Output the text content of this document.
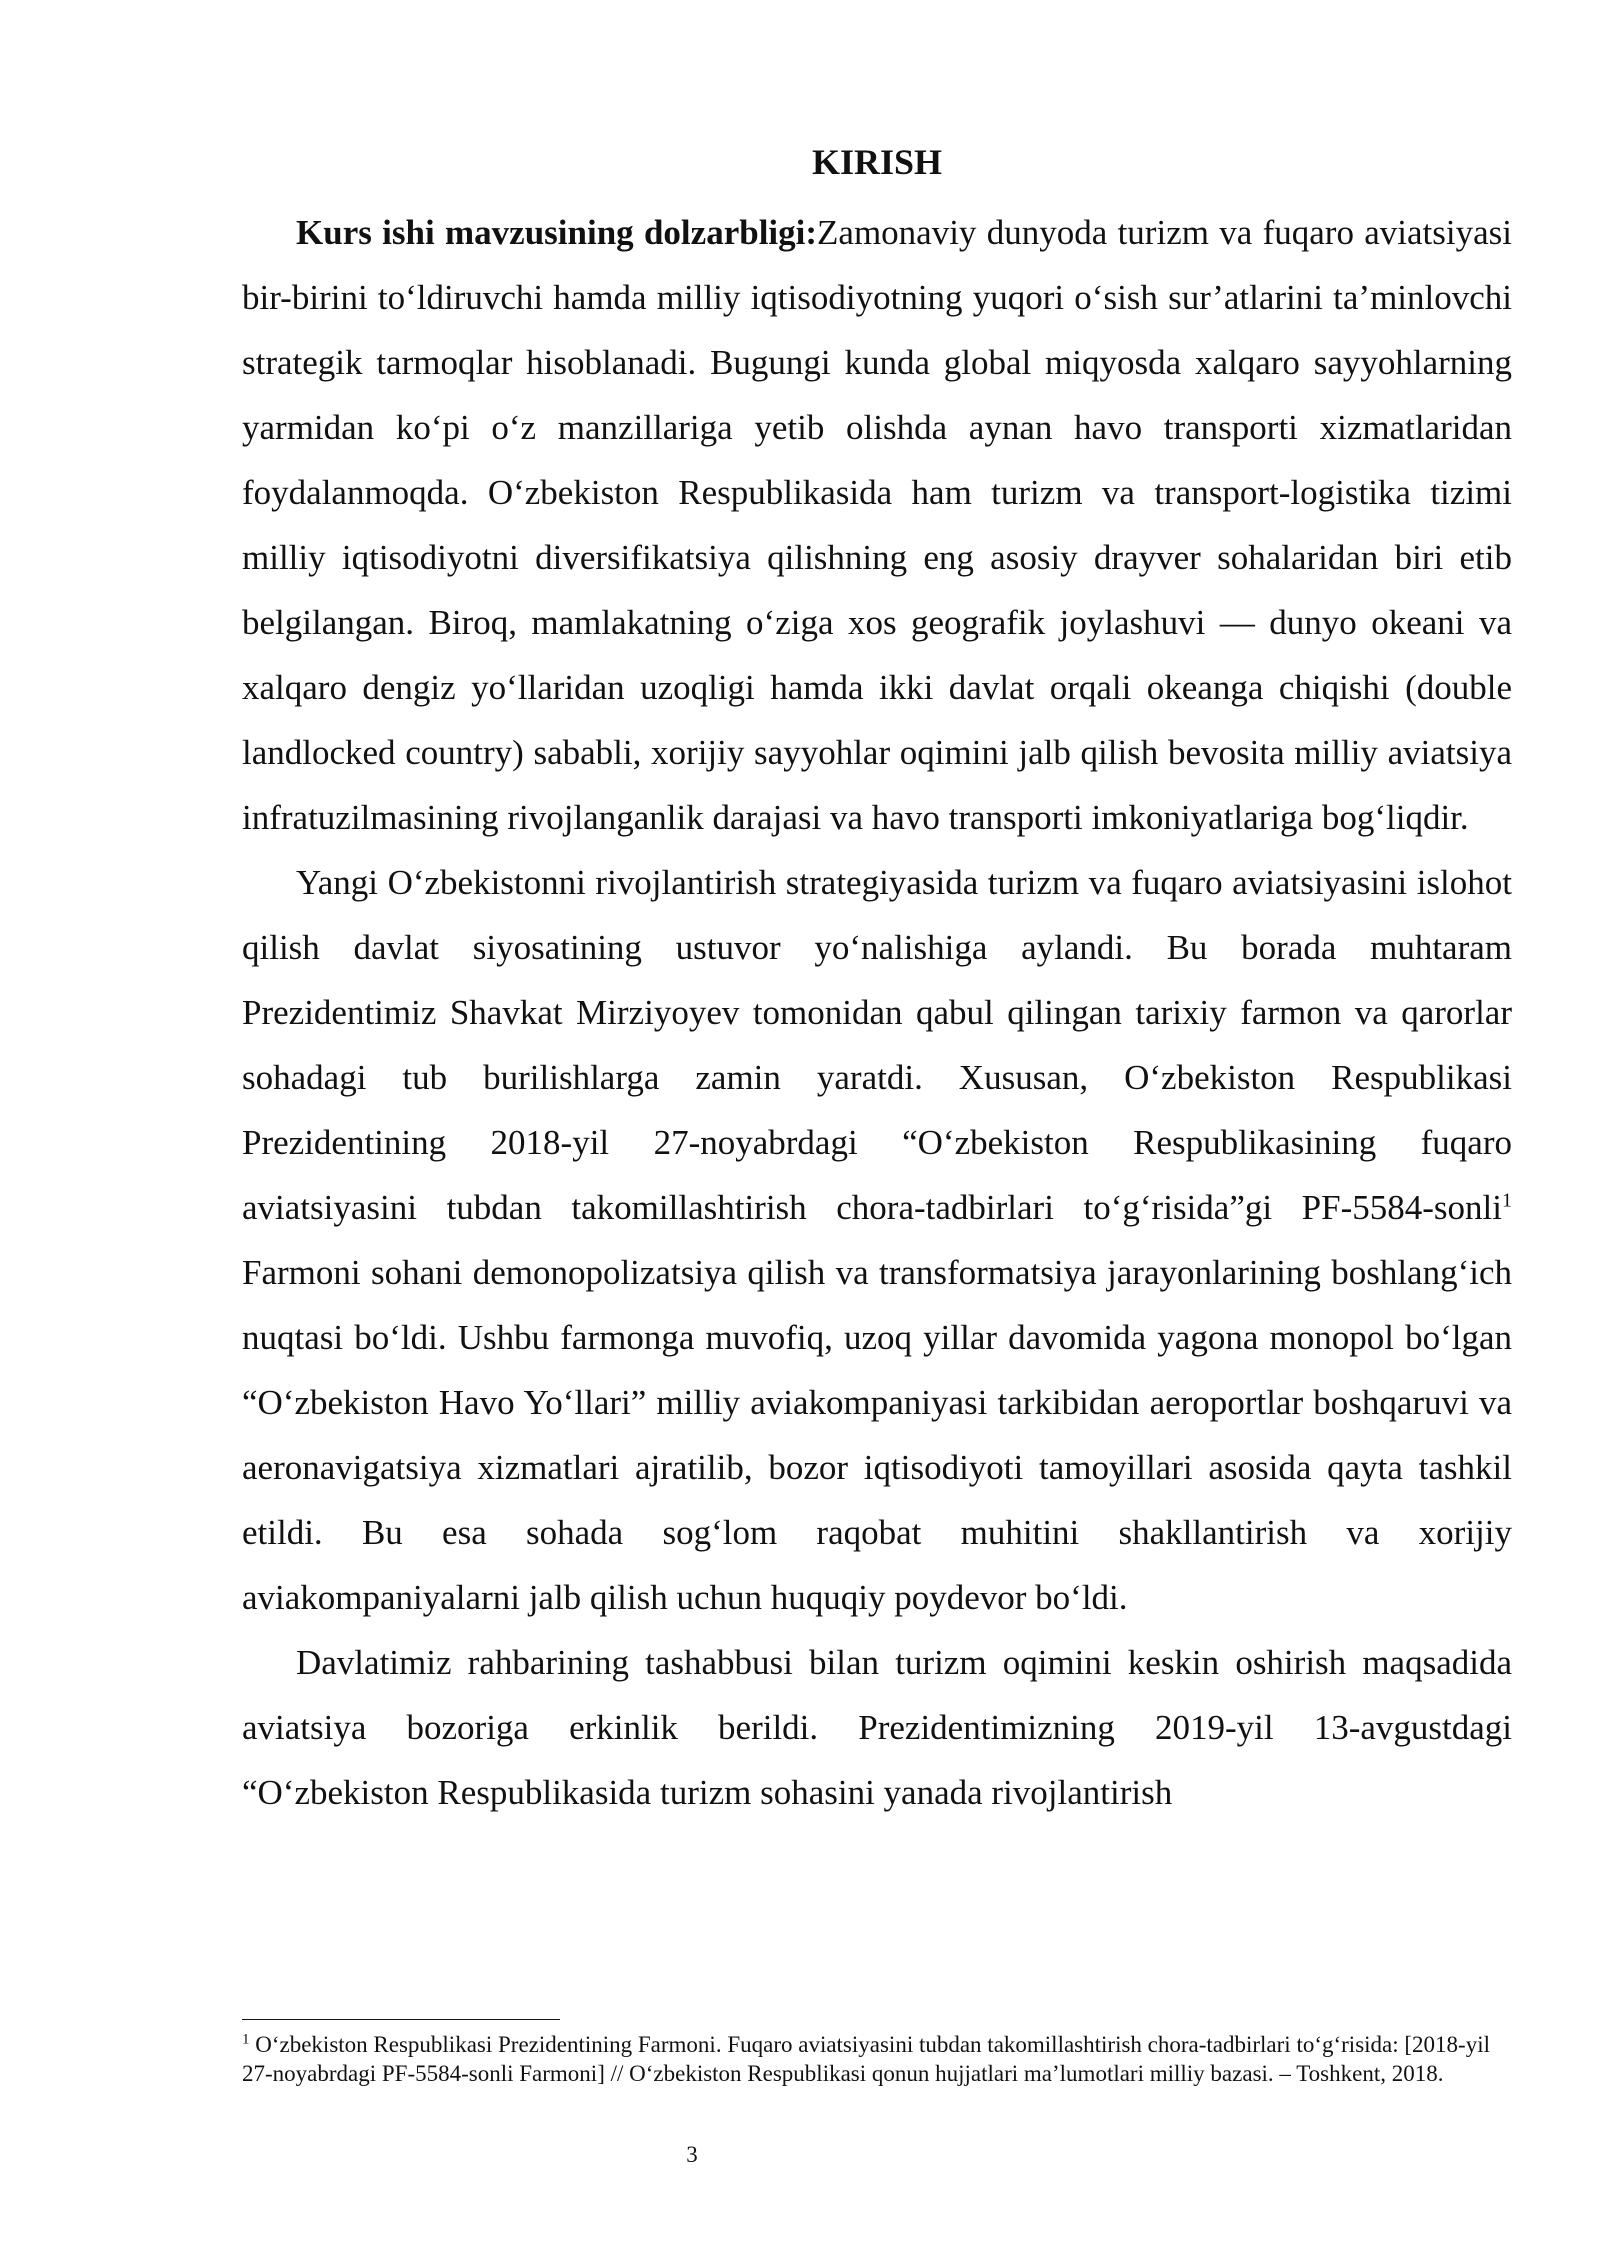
KIRISH

Kurs ishi mavzusining dolzarbligi:Zamonaviy dunyoda turizm va fuqaro aviatsiyasi bir-birini to‘ldiruvchi hamda milliy iqtisodiyotning yuqori o‘sish sur’atlarini ta’minlovchi strategik tarmoqlar hisoblanadi. Bugungi kunda global miqyosda xalqaro sayyohlarning yarmidan ko‘pi o‘z manzillariga yetib olishda aynan havo transporti xizmatlaridan foydalanmoqda. O‘zbekiston Respublikasida ham turizm va transport-logistika tizimi milliy iqtisodiyotni diversifikatsiya qilishning eng asosiy drayver sohalaridan biri etib belgilangan. Biroq, mamlakatning o‘ziga xos geografik joylashuvi — dunyo okeani va xalqaro dengiz yo‘llaridan uzoqligi hamda ikki davlat orqali okeanga chiqishi (double landlocked country) sababli, xorijiy sayyohlar oqimini jalb qilish bevosita milliy aviatsiya infratuzilmasining rivojlanganlik darajasi va havo transporti imkoniyatlariga bog‘liqdir.

Yangi O‘zbekistonni rivojlantirish strategiyasida turizm va fuqaro aviatsiyasini islohot qilish davlat siyosatining ustuvor yo‘nalishiga aylandi. Bu borada muhtaram Prezidentimiz Shavkat Mirziyoyev tomonidan qabul qilingan tarixiy farmon va qarorlar sohadagi tub burilishlarga zamin yaratdi. Xususan, O‘zbekiston Respublikasi Prezidentining 2018-yil 27-noyabrdagi “O‘zbekiston Respublikasining fuqaro aviatsiyasini tubdan takomillashtirish chora-tadbirlari to‘g‘risida”gi PF-5584-sonli$^1$ Farmoni sohani demonopolizatsiya qilish va transformatsiya jarayonlarining boshlang‘ich nuqtasi bo‘ldi. Ushbu farmonga muvofiq, uzoq yillar davomida yagona monopol bo‘lgan “O‘zbekiston Havo Yo‘llari” milliy aviakompaniyasi tarkibidan aeroportlar boshqaruvi va aeronavigatsiya xizmatlari ajratilib, bozor iqtisodiyoti tamoyillari asosida qayta tashkil etildi. Bu esa sohada sog‘lom raqobat muhitini shakllantirish va xorijiy aviakompaniyalarni jalb qilish uchun huquqiy poydevor bo‘ldi.

Davlatimiz rahbarining tashabbusi bilan turizm oqimini keskin oshirish maqsadida aviatsiya bozoriga erkinlik berildi. Prezidentimizning 2019-yil 13-avgustdagi “O‘zbekiston Respublikasida turizm sohasini yanada rivojlantirish

$^1$ O‘zbekiston Respublikasi Prezidentining Farmoni. Fuqaro aviatsiyasini tubdan takomillashtirish chora-tadbirlari to‘g‘risida: [2018-yil 27-noyabrdagi PF-5584-sonli Farmoni] // O‘zbekiston Respublikasi qonun hujjatlari ma’lumotlari milliy bazasi. – Toshkent, 2018.

3
